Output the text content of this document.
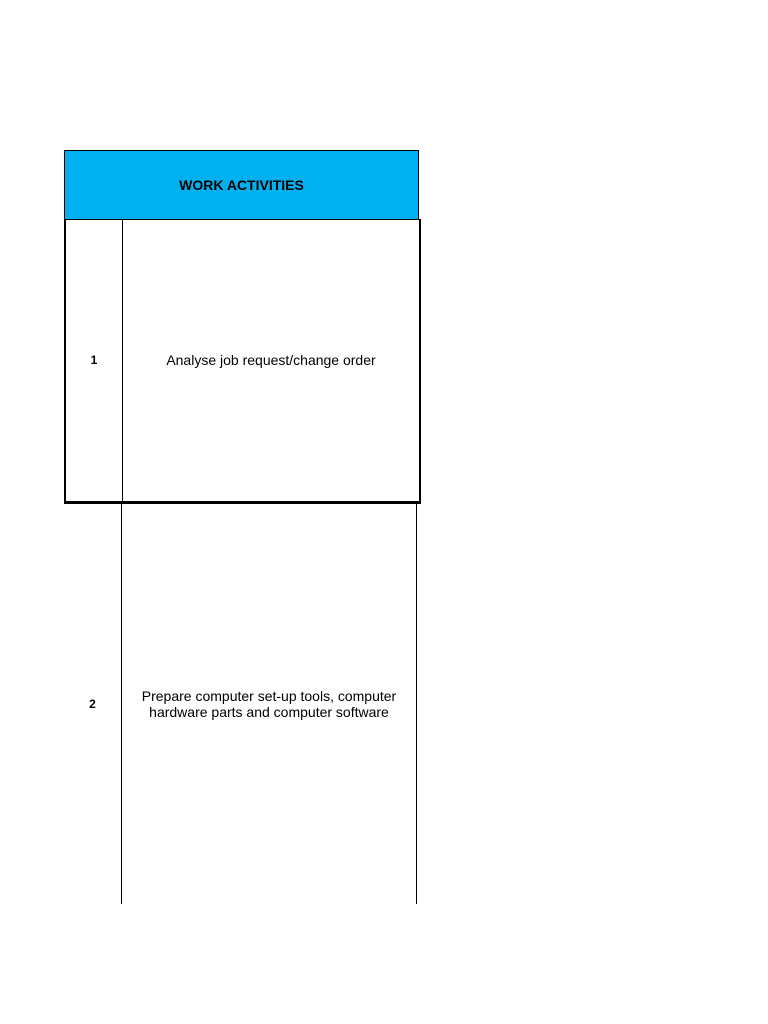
WORK ACTIVITIES
1	Analyse job request/change order
2	Prepare computer set-up tools, computer hardware parts and computer software
